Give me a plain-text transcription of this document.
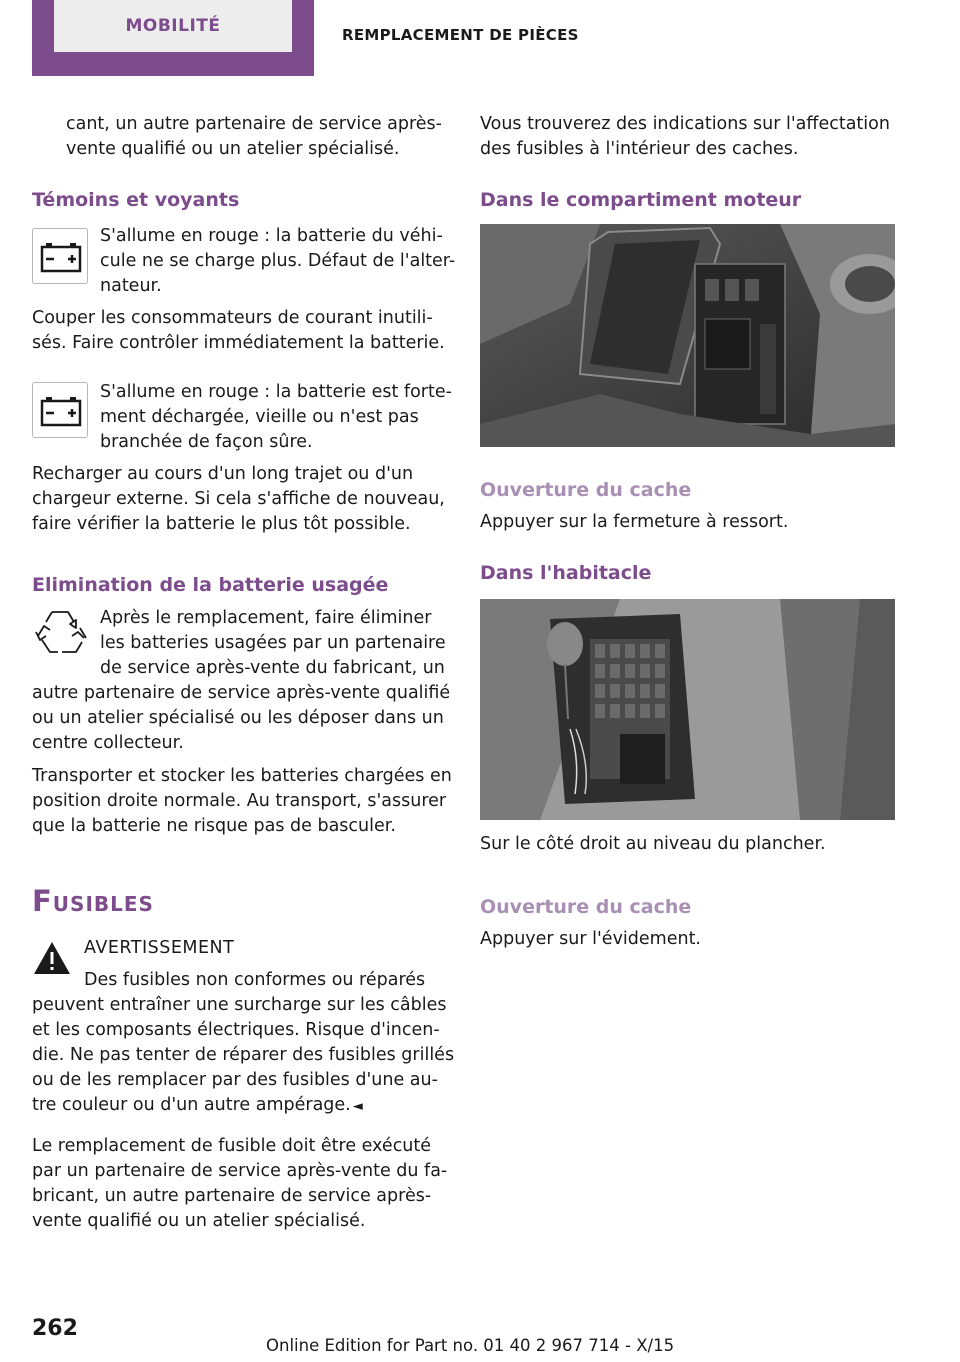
MOBILITÉ	REMPLACEMENT DE PIÈCES
cant, un autre partenaire de service après-
vente qualifié ou un atelier spécialisé.
Témoins et voyants
S'allume en rouge : la batterie du véhi-
cule ne se charge plus. Défaut de l'alter-
nateur.
Couper les consommateurs de courant inutili-
sés. Faire contrôler immédiatement la batterie.
S'allume en rouge : la batterie est forte-
ment déchargée, vieille ou n'est pas
branchée de façon sûre.
Recharger au cours d'un long trajet ou d'un
chargeur externe. Si cela s'affiche de nouveau,
faire vérifier la batterie le plus tôt possible.
Elimination de la batterie usagée
Après le remplacement, faire éliminer
les batteries usagées par un partenaire
de service après-vente du fabricant, un
autre partenaire de service après-vente qualifié
ou un atelier spécialisé ou les déposer dans un
centre collecteur.
Transporter et stocker les batteries chargées en
position droite normale. Au transport, s'assurer
que la batterie ne risque pas de basculer.
Fusibles
AVERTISSEMENT
Des fusibles non conformes ou réparés
peuvent entraîner une surcharge sur les câbles
et les composants électriques. Risque d'incen-
die. Ne pas tenter de réparer des fusibles grillés
ou de les remplacer par des fusibles d'une au-
tre couleur ou d'un autre ampérage. ◄
Le remplacement de fusible doit être exécuté
par un partenaire de service après-vente du fa-
bricant, un autre partenaire de service après-
vente qualifié ou un atelier spécialisé.
Vous trouverez des indications sur l'affectation
des fusibles à l'intérieur des caches.
Dans le compartiment moteur
Ouverture du cache
Appuyer sur la fermeture à ressort.
Dans l'habitacle
Sur le côté droit au niveau du plancher.
Ouverture du cache
Appuyer sur l'évidement.
262
Online Edition for Part no. 01 40 2 967 714 - X/15
